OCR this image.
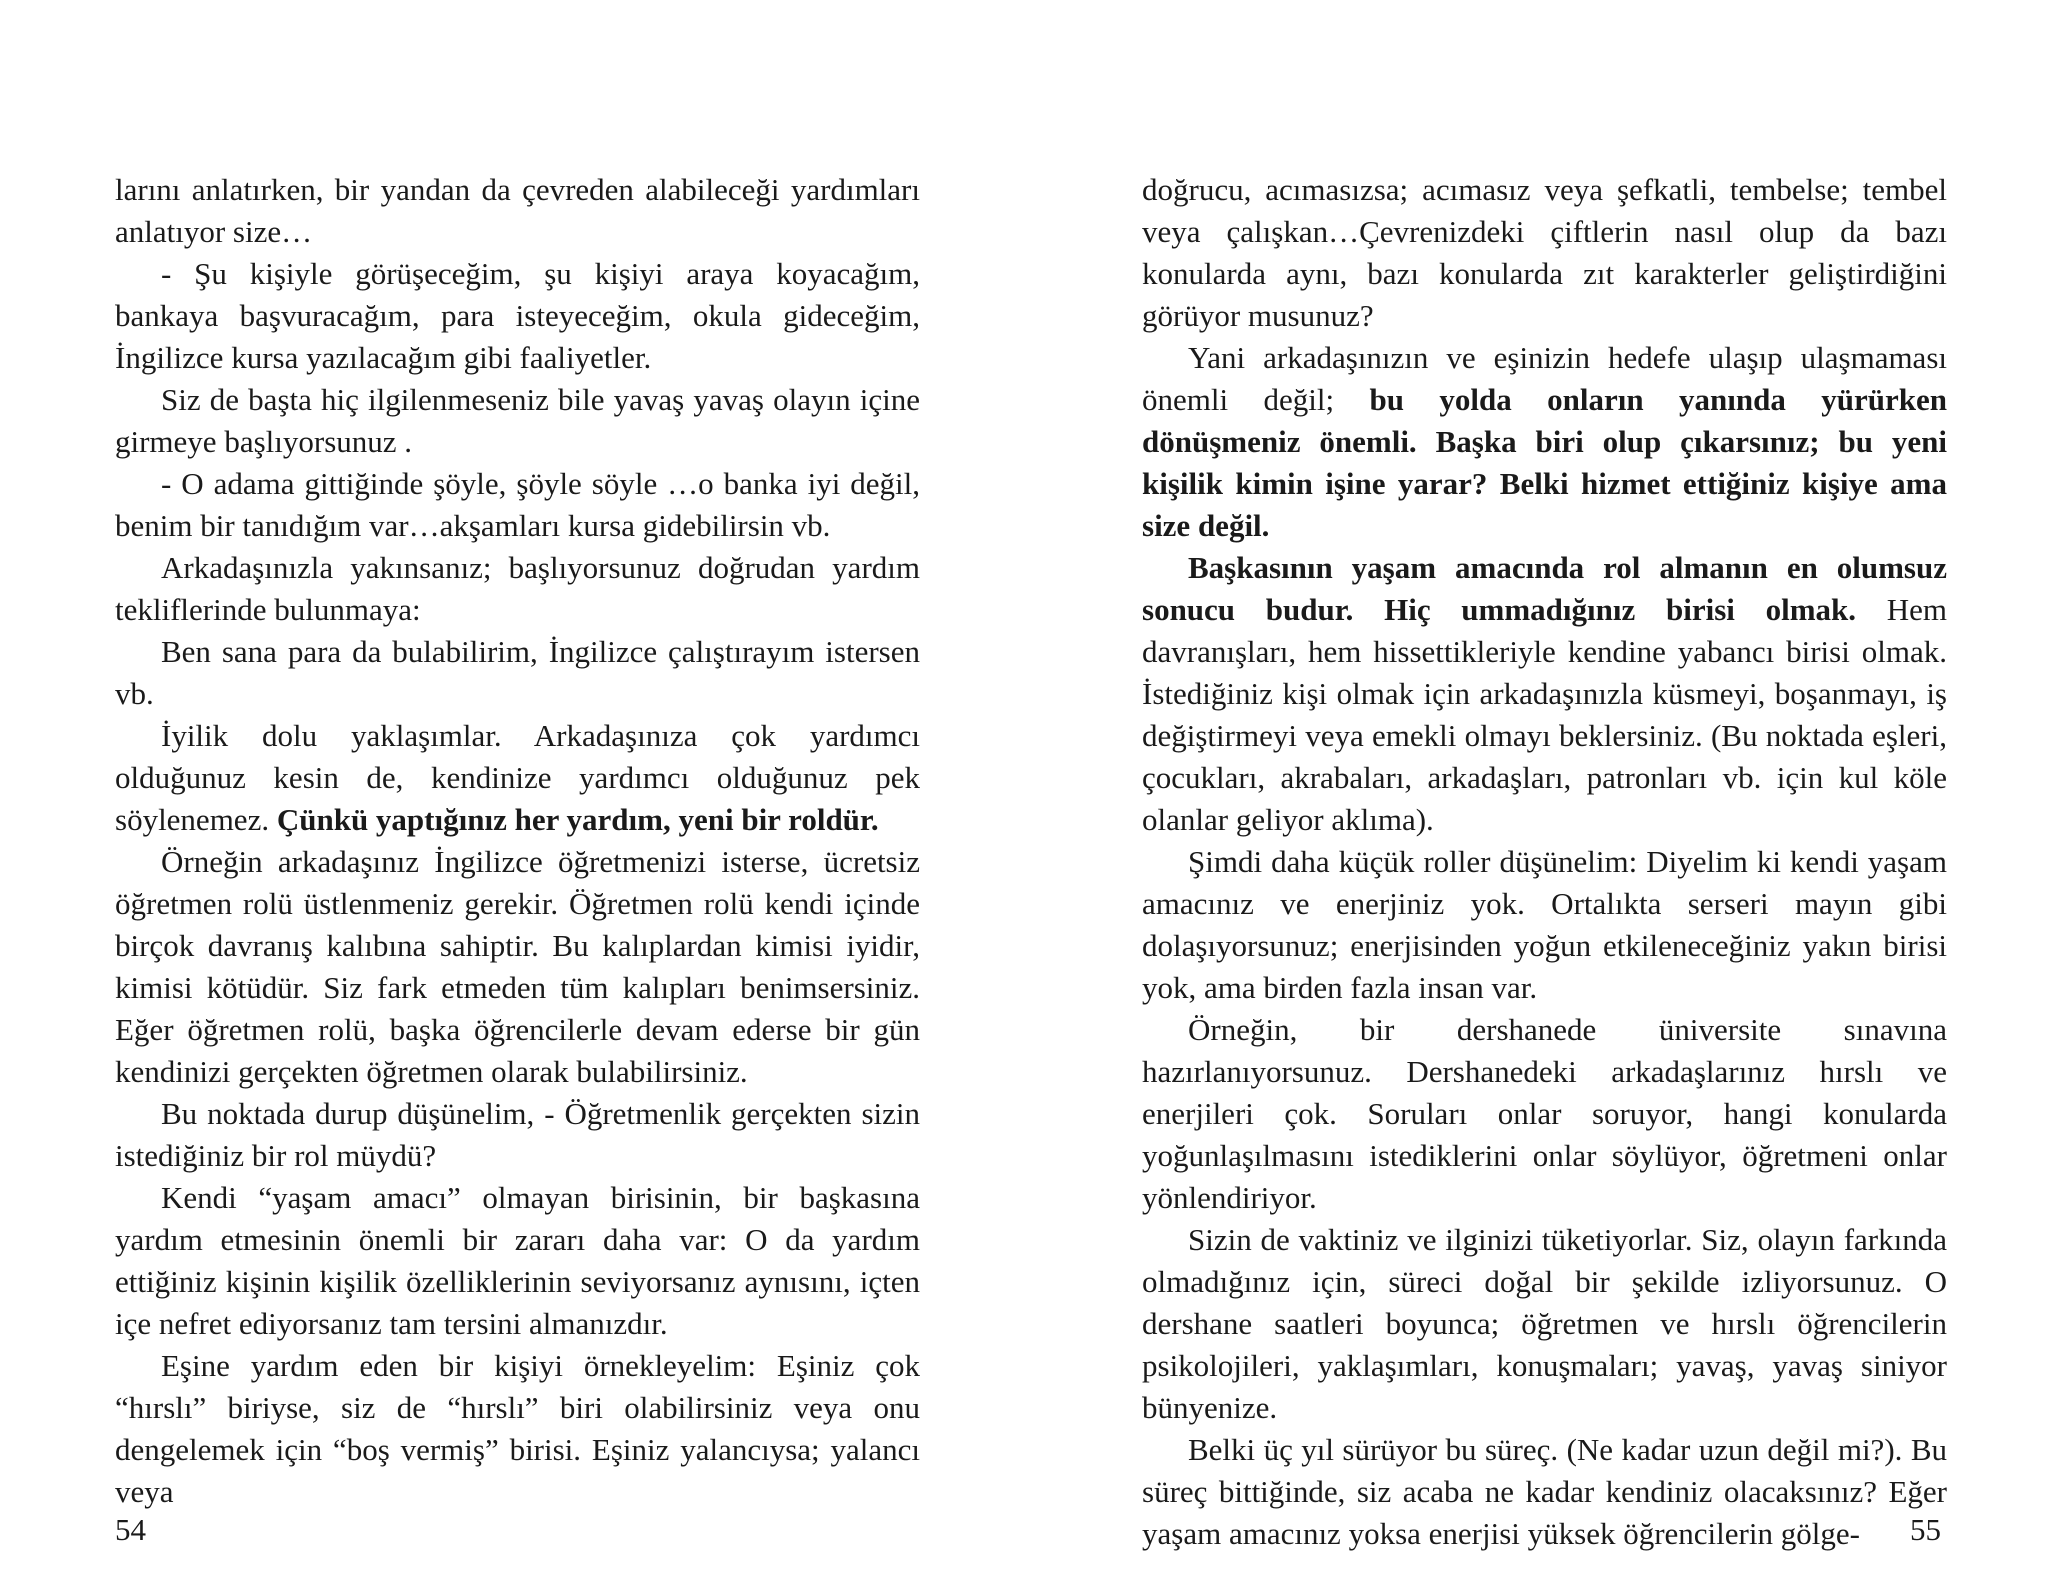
larını anlatırken, bir yandan da çevreden alabileceği yardımları anlatıyor size…

- Şu kişiyle görüşeceğim, şu kişiyi araya koyacağım, bankaya başvuracağım, para isteyeceğim, okula gideceğim, İngilizce kursa yazılacağım gibi faaliyetler.

Siz de başta hiç ilgilenmeseniz bile yavaş yavaş olayın içine girmeye başlıyorsunuz .

- O adama gittiğinde şöyle, şöyle söyle …o banka iyi değil, benim bir tanıdığım var…akşamları kursa gidebilirsin vb.

Arkadaşınızla yakınsanız; başlıyorsunuz doğrudan yardım tekliflerinde bulunmaya:

Ben sana para da bulabilirim, İngilizce çalıştırayım istersen vb.

İyilik dolu yaklaşımlar. Arkadaşınıza çok yardımcı olduğunuz kesin de, kendinize yardımcı olduğunuz pek söylenemez. Çünkü yaptığınız her yardım, yeni bir roldür.

Örneğin arkadaşınız İngilizce öğretmenizi isterse, ücretsiz öğretmen rolü üstlenmeniz gerekir. Öğretmen rolü kendi içinde birçok davranış kalıbına sahiptir. Bu kalıplardan kimisi iyidir, kimisi kötüdür. Siz fark etmeden tüm kalıpları benimsersiniz. Eğer öğretmen rolü, başka öğrencilerle devam ederse bir gün kendinizi gerçekten öğretmen olarak bulabilirsiniz.

Bu noktada durup düşünelim, - Öğretmenlik gerçekten sizin istediğiniz bir rol müydü?

Kendi “yaşam amacı” olmayan birisinin, bir başkasına yardım etmesinin önemli bir zararı daha var: O da yardım ettiğiniz kişinin kişilik özelliklerinin seviyorsanız aynısını, içten içe nefret ediyorsanız tam tersini almanızdır.

Eşine yardım eden bir kişiyi örnekleyelim: Eşiniz çok “hırslı” biriyse, siz de “hırslı” biri olabilirsiniz veya onu dengelemek için “boş vermiş” birisi. Eşiniz yalancıysa; yalancı veya

54

doğrucu, acımasızsa; acımasız veya şefkatli, tembelse; tembel veya çalışkan…Çevrenizdeki çiftlerin nasıl olup da bazı konularda aynı, bazı konularda zıt karakterler geliştirdiğini görüyor musunuz?

Yani arkadaşınızın ve eşinizin hedefe ulaşıp ulaşmaması önemli değil; bu yolda onların yanında yürürken dönüşmeniz önemli. Başka biri olup çıkarsınız; bu yeni kişilik kimin işine yarar? Belki hizmet ettiğiniz kişiye ama size değil.

Başkasının yaşam amacında rol almanın en olumsuz sonucu budur. Hiç ummadığınız birisi olmak. Hem davranışları, hem hissettikleriyle kendine yabancı birisi olmak. İstediğiniz kişi olmak için arkadaşınızla küsmeyi, boşanmayı, iş değiştirmeyi veya emekli olmayı beklersiniz. (Bu noktada eşleri, çocukları, akrabaları, arkadaşları, patronları vb. için kul köle olanlar geliyor aklıma).

Şimdi daha küçük roller düşünelim: Diyelim ki kendi yaşam amacınız ve enerjiniz yok. Ortalıkta serseri mayın gibi dolaşıyorsunuz; enerjisinden yoğun etkileneceğiniz yakın birisi yok, ama birden fazla insan var.

Örneğin, bir dershanede üniversite sınavına hazırlanıyorsunuz. Dershanedeki arkadaşlarınız hırslı ve enerjileri çok. Soruları onlar soruyor, hangi konularda yoğunlaşılmasını istediklerini onlar söylüyor, öğretmeni onlar yönlendiriyor.

Sizin de vaktiniz ve ilginizi tüketiyorlar. Siz, olayın farkında olmadığınız için, süreci doğal bir şekilde izliyorsunuz. O dershane saatleri boyunca; öğretmen ve hırslı öğrencilerin psikolojileri, yaklaşımları, konuşmaları; yavaş, yavaş siniyor bünyenize.

Belki üç yıl sürüyor bu süreç. (Ne kadar uzun değil mi?). Bu süreç bittiğinde, siz acaba ne kadar kendiniz olacaksınız? Eğer yaşam amacınız yoksa enerjisi yüksek öğrencilerin gölge-	55
